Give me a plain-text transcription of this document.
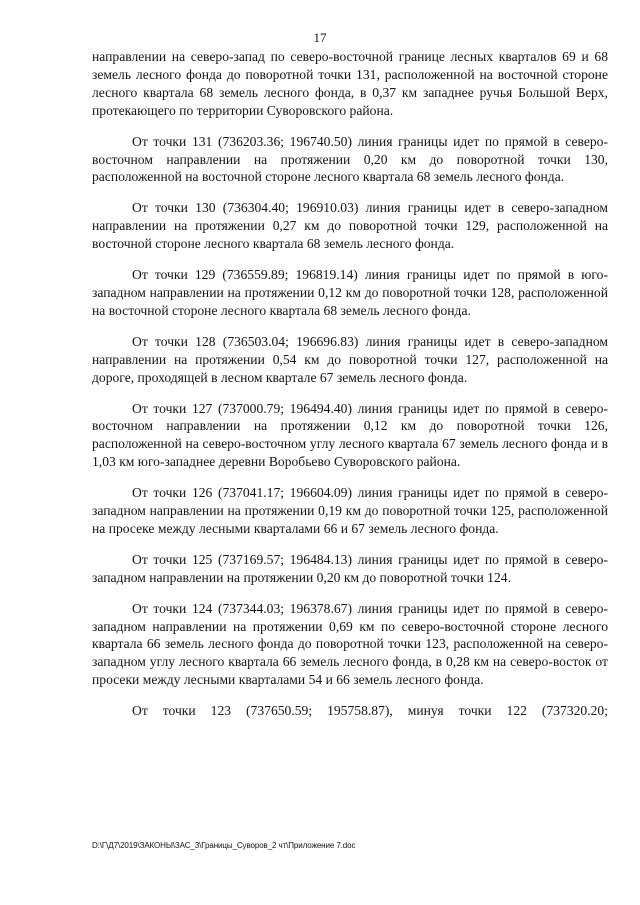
17

направлении на северо-запад по северо-восточной границе лесных кварталов 69 и 68 земель лесного фонда до поворотной точки 131, расположенной на восточной стороне лесного квартала 68 земель лесного фонда, в 0,37 км западнее ручья Большой Верх, протекающего по территории Суворовского района.

От точки 131 (736203.36; 196740.50) линия границы идет по прямой в северо-восточном направлении на протяжении 0,20 км до поворотной точки 130, расположенной на восточной стороне лесного квартала 68 земель лесного фонда.

От точки 130 (736304.40; 196910.03) линия границы идет в северо-западном направлении на протяжении 0,27 км до поворотной точки 129, расположенной на восточной стороне лесного квартала 68 земель лесного фонда.

От точки 129 (736559.89; 196819.14) линия границы идет по прямой в юго-западном направлении на протяжении 0,12 км до поворотной точки 128, расположенной на восточной стороне лесного квартала 68 земель лесного фонда.

От точки 128 (736503.04; 196696.83) линия границы идет в северо-западном направлении на протяжении 0,54 км до поворотной точки 127, расположенной на дороге, проходящей в лесном квартале 67 земель лесного фонда.

От точки 127 (737000.79; 196494.40) линия границы идет по прямой в северо-восточном направлении на протяжении 0,12 км до поворотной точки 126, расположенной на северо-восточном углу лесного квартала 67 земель лесного фонда и в 1,03 км юго-западнее деревни Воробьево Суворовского района.

От точки 126 (737041.17; 196604.09) линия границы идет по прямой в северо-западном направлении на протяжении 0,19 км до поворотной точки 125, расположенной на просеке между лесными кварталами 66 и 67 земель лесного фонда.

От точки 125 (737169.57; 196484.13) линия границы идет по прямой в северо-западном направлении на протяжении 0,20 км до поворотной точки 124.

От точки 124 (737344.03; 196378.67) линия границы идет по прямой в северо-западном направлении на протяжении 0,69 км по северо-восточной стороне лесного квартала 66 земель лесного фонда до поворотной точки 123, расположенной на северо-западном углу лесного квартала 66 земель лесного фонда, в 0,28 км на северо-восток от просеки между лесными кварталами 54 и 66 земель лесного фонда.

От точки 123 (737650.59; 195758.87), минуя точки 122 (737320.20;

D:\Г\Д7\2019\ЗАКОНЫ\ЗАС_3\Границы_Суворов_2 чт\Приложение 7.doc
